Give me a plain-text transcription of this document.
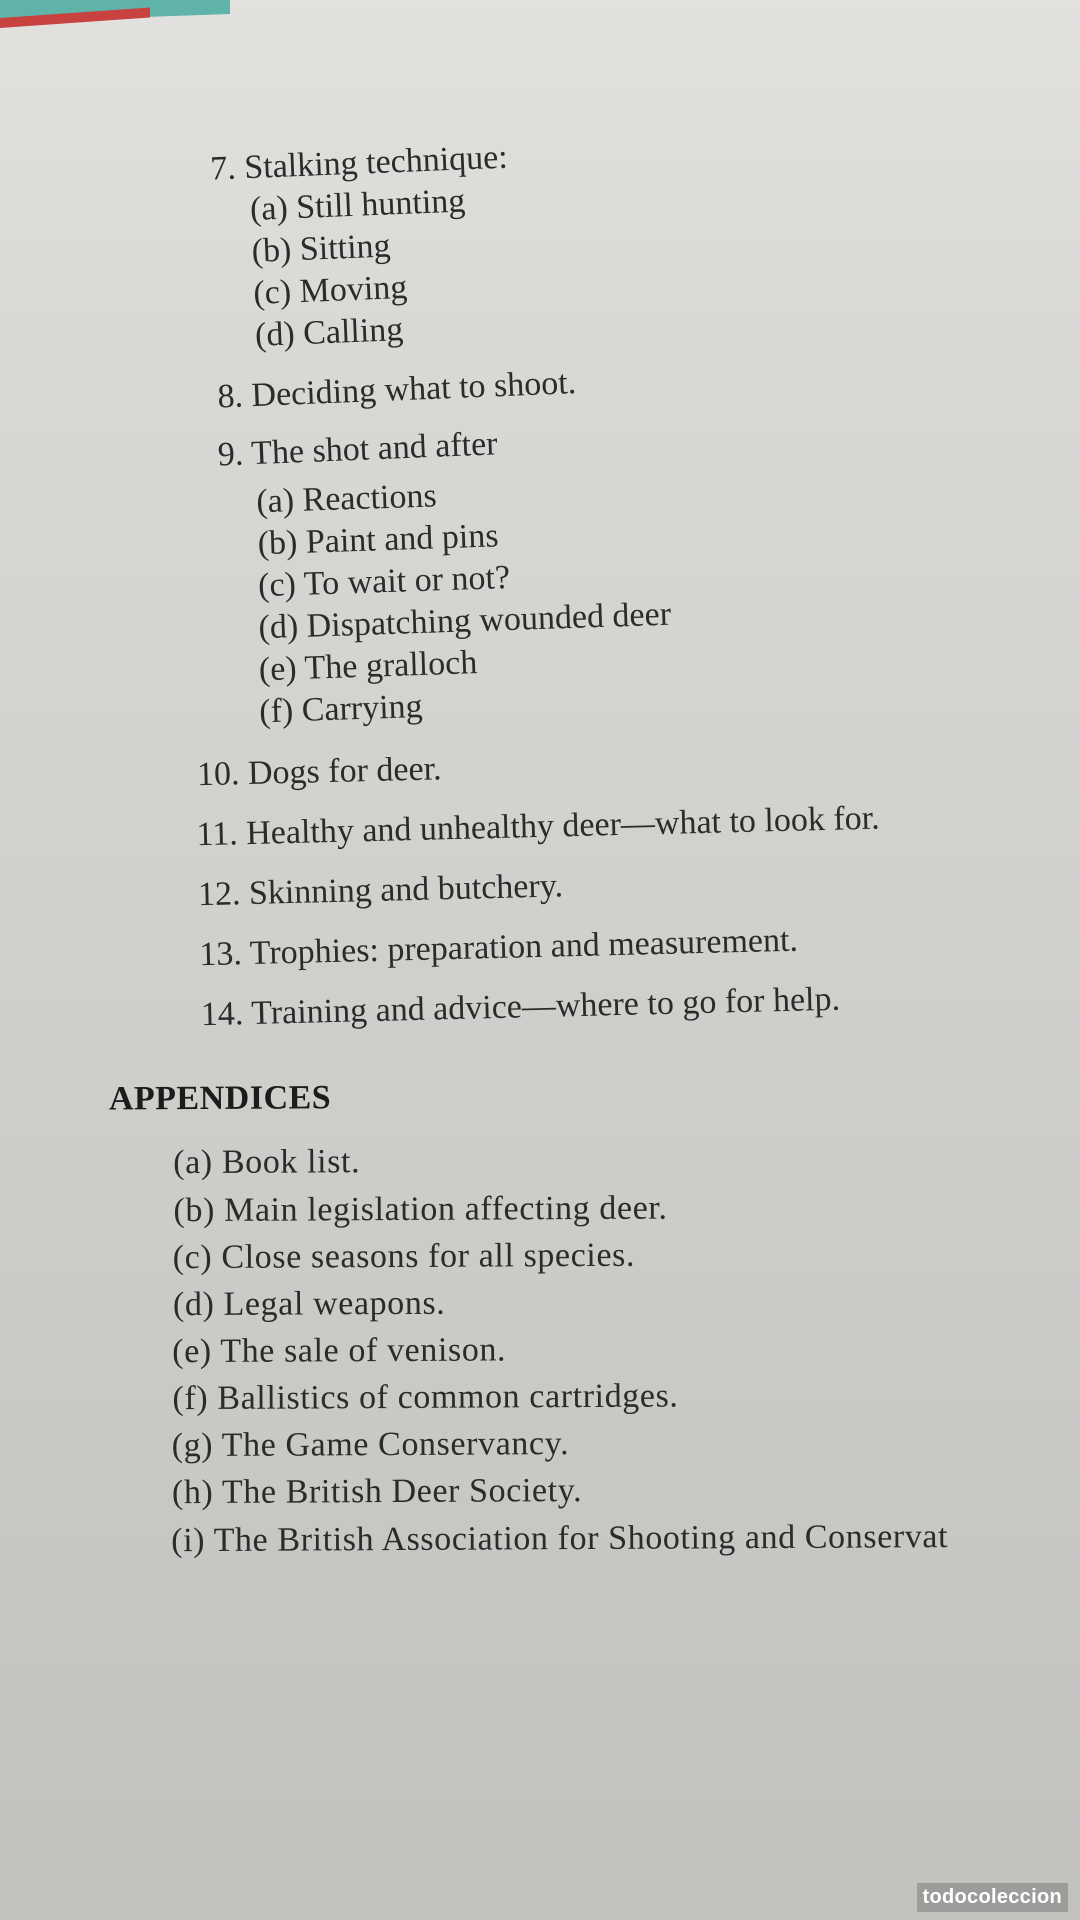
7. Stalking technique:
(a) Still hunting
(b) Sitting
(c) Moving
(d) Calling
8. Deciding what to shoot.
9. The shot and after
(a) Reactions
(b) Paint and pins
(c) To wait or not?
(d) Dispatching wounded deer
(e) The gralloch
(f) Carrying
10. Dogs for deer.
11. Healthy and unhealthy deer—what to look for.
12. Skinning and butchery.
13. Trophies: preparation and measurement.
14. Training and advice—where to go for help.
APPENDICES
(a) Book list.
(b) Main legislation affecting deer.
(c) Close seasons for all species.
(d) Legal weapons.
(e) The sale of venison.
(f) Ballistics of common cartridges.
(g) The Game Conservancy.
(h) The British Deer Society.
(i) The British Association for Shooting and Conservat
todocoleccion
